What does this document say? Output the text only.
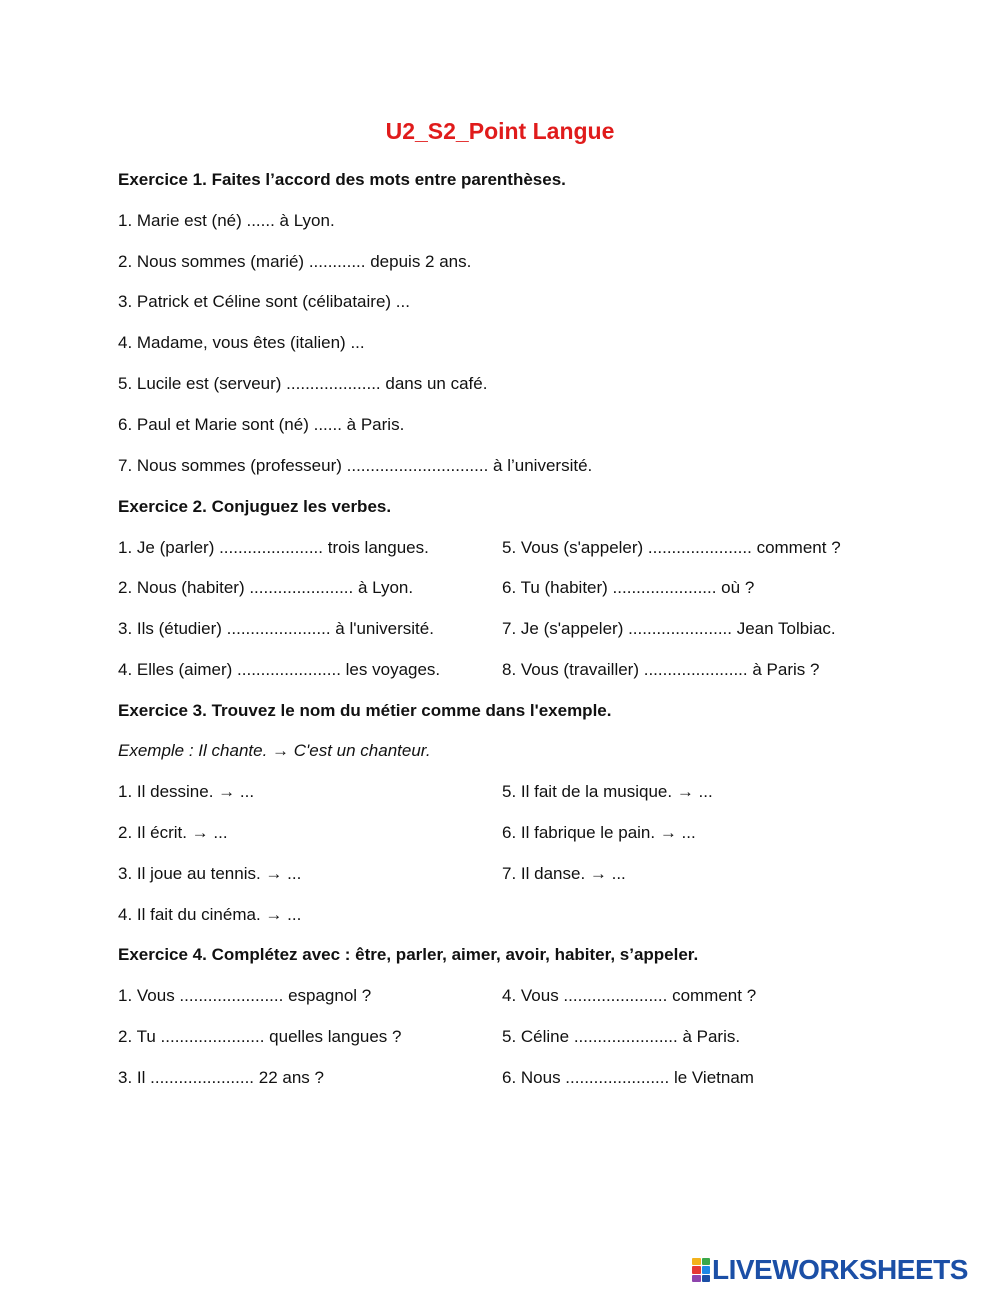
U2_S2_Point Langue
Exercice 1. Faites l’accord des mots entre parenthèses.
1. Marie est (né) ...... à Lyon.
2. Nous sommes (marié) ............ depuis 2 ans.
3. Patrick et Céline sont (célibataire) ...
4. Madame, vous êtes (italien) ...
5. Lucile est (serveur) .................... dans un café.
6. Paul et Marie sont (né) ...... à Paris.
7. Nous sommes (professeur) .............................. à l’université.
Exercice 2. Conjuguez les verbes.
1. Je (parler) ...................... trois langues.	5. Vous (s'appeler) ...................... comment ?
2. Nous (habiter) ...................... à Lyon.	6. Tu (habiter) ...................... où ?
3. Ils (étudier) ...................... à l'université.	7. Je (s'appeler) ...................... Jean Tolbiac.
4. Elles (aimer) ...................... les voyages.	8. Vous (travailler) ...................... à Paris ?
Exercice 3. Trouvez le nom du métier comme dans l'exemple.
Exemple : Il chante. → C'est un chanteur.
1. Il dessine. → ...	5. Il fait de la musique. → ...
2. Il écrit. → ...	6. Il fabrique le pain. → ...
3. Il joue au tennis. → ...	7. Il danse. → ...
4. Il fait du cinéma. → ...
Exercice 4. Complétez avec : être, parler, aimer, avoir, habiter, s’appeler.
1. Vous ...................... espagnol ?	4. Vous ...................... comment ?
2. Tu ...................... quelles langues ?	5. Céline ...................... à Paris.
3. Il ...................... 22 ans ?	6. Nous ...................... le Vietnam
LIVEWORKSHEETS
